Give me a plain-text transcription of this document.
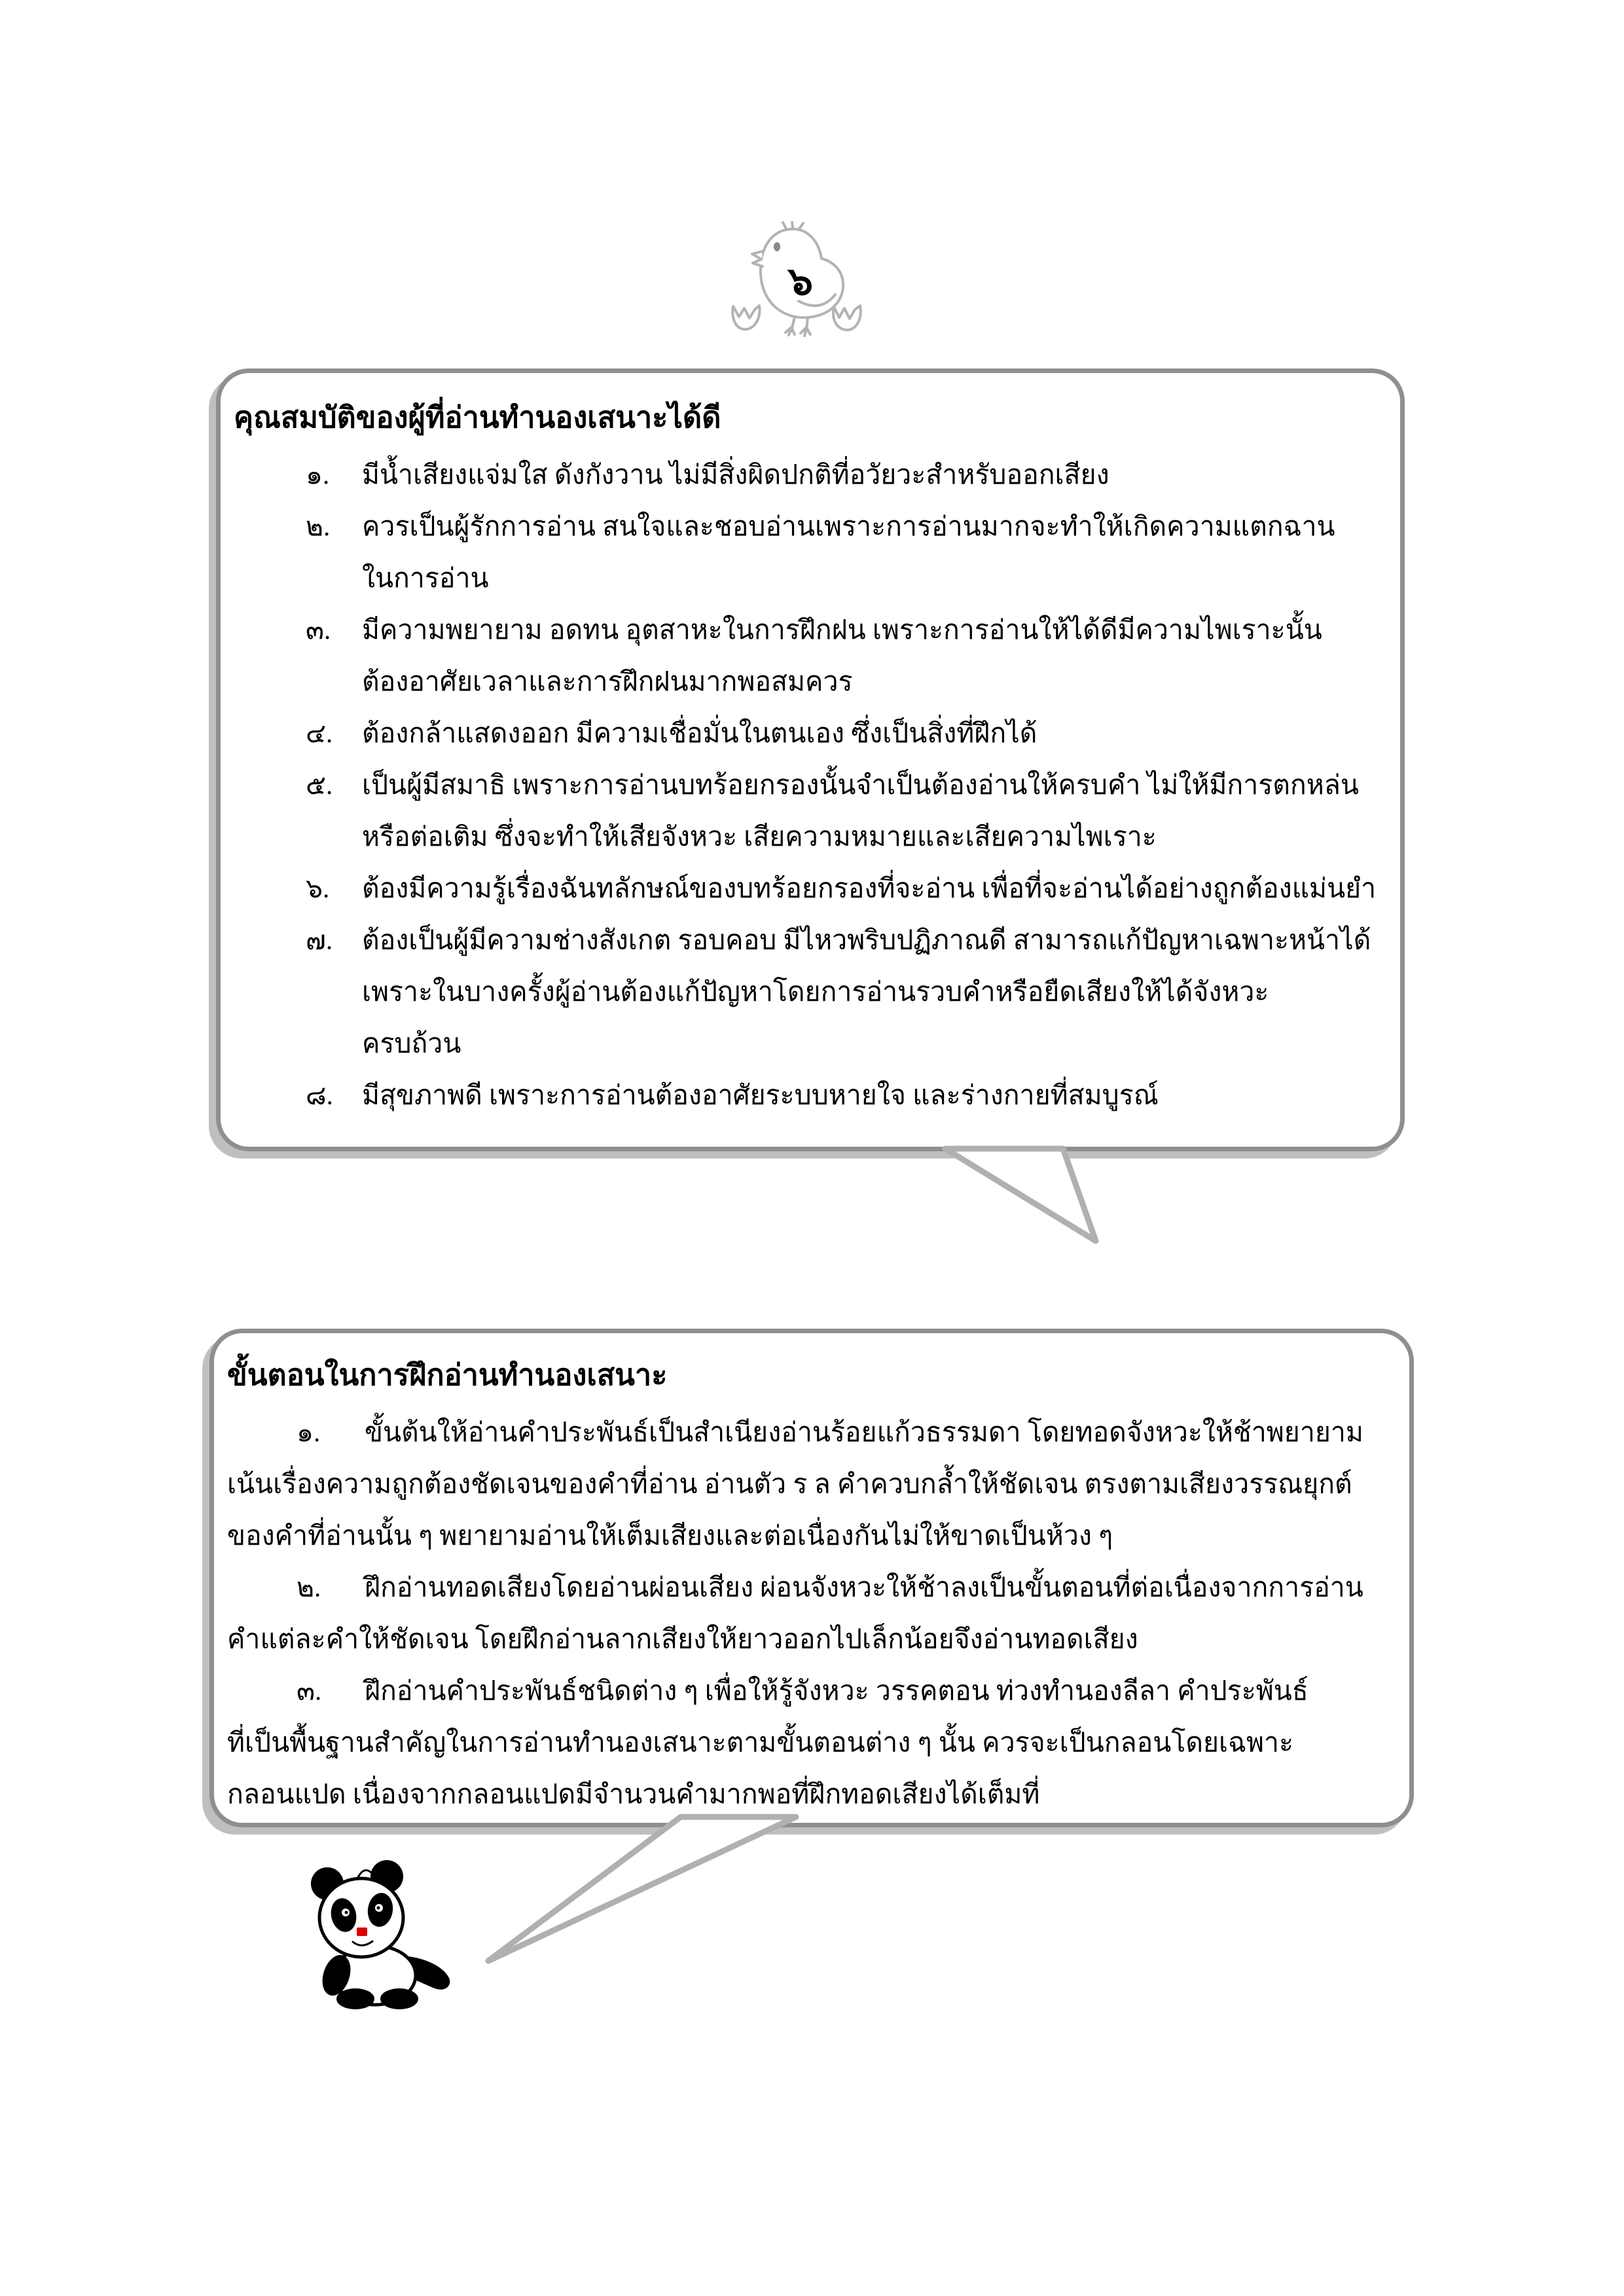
๖
คุณสมบัติของผู้ที่อ่านทำนองเสนาะได้ดี
๑.	มีน้ำเสียงแจ่มใส ดังกังวาน ไม่มีสิ่งผิดปกติที่อวัยวะสำหรับออกเสียง
๒.	ควรเป็นผู้รักการอ่าน สนใจและชอบอ่านเพราะการอ่านมากจะทำให้เกิดความแตกฉาน
ในการอ่าน
๓.	มีความพยายาม อดทน อุตสาหะในการฝึกฝน เพราะการอ่านให้ได้ดีมีความไพเราะนั้น
ต้องอาศัยเวลาและการฝึกฝนมากพอสมควร
๔.	ต้องกล้าแสดงออก มีความเชื่อมั่นในตนเอง ซึ่งเป็นสิ่งที่ฝึกได้
๕.	เป็นผู้มีสมาธิ เพราะการอ่านบทร้อยกรองนั้นจำเป็นต้องอ่านให้ครบคำ ไม่ให้มีการตกหล่น
หรือต่อเติม ซึ่งจะทำให้เสียจังหวะ เสียความหมายและเสียความไพเราะ
๖.	ต้องมีความรู้เรื่องฉันทลักษณ์ของบทร้อยกรองที่จะอ่าน เพื่อที่จะอ่านได้อย่างถูกต้องแม่นยำ
๗.	ต้องเป็นผู้มีความช่างสังเกต รอบคอบ มีไหวพริบปฏิภาณดี สามารถแก้ปัญหาเฉพาะหน้าได้
เพราะในบางครั้งผู้อ่านต้องแก้ปัญหาโดยการอ่านรวบคำหรือยืดเสียงให้ได้จังหวะ
ครบถ้วน
๘.	มีสุขภาพดี เพราะการอ่านต้องอาศัยระบบหายใจ และร่างกายที่สมบูรณ์
ขั้นตอนในการฝึกอ่านทำนองเสนาะ
๑.	ขั้นต้นให้อ่านคำประพันธ์เป็นสำเนียงอ่านร้อยแก้วธรรมดา โดยทอดจังหวะให้ช้าพยายาม
เน้นเรื่องความถูกต้องชัดเจนของคำที่อ่าน อ่านตัว ร ล คำควบกล้ำให้ชัดเจน ตรงตามเสียงวรรณยุกต์
ของคำที่อ่านนั้น ๆ พยายามอ่านให้เต็มเสียงและต่อเนื่องกันไม่ให้ขาดเป็นห้วง ๆ
๒.	ฝึกอ่านทอดเสียงโดยอ่านผ่อนเสียง ผ่อนจังหวะให้ช้าลงเป็นขั้นตอนที่ต่อเนื่องจากการอ่าน
คำแต่ละคำให้ชัดเจน โดยฝึกอ่านลากเสียงให้ยาวออกไปเล็กน้อยจึงอ่านทอดเสียง
๓.	ฝึกอ่านคำประพันธ์ชนิดต่าง ๆ เพื่อให้รู้จังหวะ วรรคตอน ท่วงทำนองลีลา คำประพันธ์
ที่เป็นพื้นฐานสำคัญในการอ่านทำนองเสนาะตามขั้นตอนต่าง ๆ นั้น ควรจะเป็นกลอนโดยเฉพาะ
กลอนแปด เนื่องจากกลอนแปดมีจำนวนคำมากพอที่ฝึกทอดเสียงได้เต็มที่
